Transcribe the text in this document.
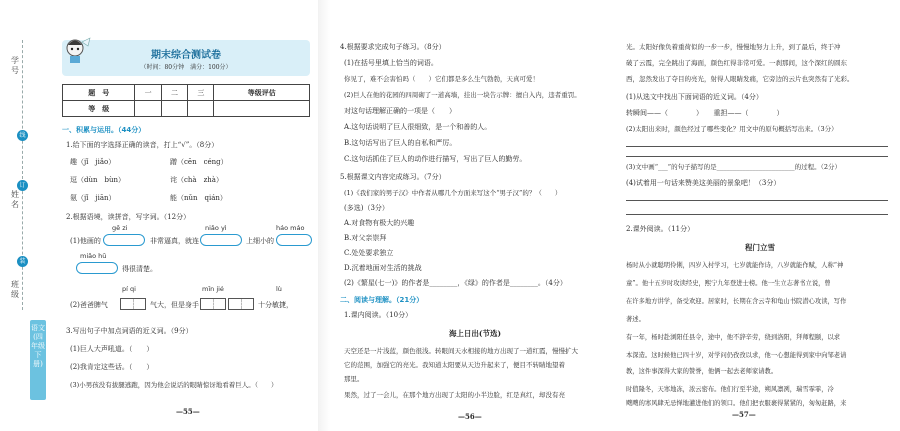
学号
姓名
班级
线
订
装
语文(四年级下册)
期末综合测试卷
（时间：80分钟　满分：100分）
题　号	一	二	三	等级评估
等　级				
一、积累与运用。（44分）
1.给下面的字选择正确的读音，打上“√”。（8分）
趣（jǐ　jiǎo）	蹭（cēn　céng）
逗（dùn　bùn）	诧（chà　zhà）
氨（jǐ　jiān）	能（nǔn　qián）
2.根据语境，读拼音，写字词。（12分）
gē zi	niǎo yì	háo máo
(1)他画的	非常逼真，就连	上细小的
miǎo hū
得很清楚。
pí qi	mīn jié	lù
(2)爸爸脾气	气大，但是身手	十分敏捷，
3.写出句子中加点词语的近义词。（9分）
(1)巨人大声吼道。（　　）
(2)我肯定这些话。（　　）
(3)小男孩没有拔腿逃跑，因为他会说话的眼睛惊讶地看着巨人。（　　）
—55—
4.根据要求完成句子练习。（8分）
(1)在括号里填上恰当的词语。
你见了，难不会害怕吗（　　）它们都是多么生气勃勃，天真可爱！
(2)巨人在他的花园的四周砌了一道高墙，挂出一块告示牌：擅自入内，违者重罚。
对这句话理解正确的一项是（　　）
A.这句话说明了巨人很细致，是一个和善的人。
B.这句话写出了巨人的自私和严厉。
C.这句话抓住了巨人的动作进行描写，写出了巨人的勤劳。
5.根据课文内容完成练习。（7分）
(1)《我们家的男子汉》中作者从哪几个方面来写这个“男子汉”的？（　　）
(多选)（3分）
A.对食物有极大的兴趣
B.对父亲崇拜
C.处处要求独立
D.沉着地面对生活的挑战
(2)《繁星(七一)》的作者是________，《绿》的作者是________。（4分）
二、阅读与理解。（21分）
1.课内阅读。（10分）
海上日出(节选)
天空还是一片浅蓝，颜色很浅。转眼间天水相接的地方出现了一道红霞，慢慢扩大
它的范围，加强它的亮光。我知道太阳要从天边升起来了，便目不转睛地望着
那里。
果然，过了一会儿，在那个地方出现了太阳的小半边脸，红是真红，却没有亮
—56—
光。太阳好像负着重荷似的一步一步，慢慢地努力上升，到了最后，终于冲
破了云霞，完全跳出了海面，颜色红得非常可爱。一刹那间，这个深红的圆东
西，忽然发出了夺目的亮光，射得人眼睛发痛，它旁边的云片也突然有了光彩。
(1)从选文中找出下面词语的近义词。（4分）
转瞬间——（　　　　）　　重担——（　　　　）
(2)太阳出来时，颜色经过了哪些变化？用文中的原句概括写出来。（3分）
(3)文中画“___”的句子描写的是________________________的过程。（2分）
(4)试着用一句话来赞美这美丽的景象吧！（3分）
2.课外阅读。（11分）
程门立雪
杨时从小就聪明伶俐，四岁入村学习，七岁就能作诗，八岁就能作赋，人称“神
童”。他十五岁时攻读经史，熙宁九年登进士榜。他一生立志著书立说，曾
在许多地方讲学，备受欢迎。居家时，长期在含云寺和龟山书院潜心攻读，写作
著述。
有一年，杨时赴浏阳任县令，途中，他不辞辛劳，绕到洛阳，拜师程颐，以求
本深造。这时候他已四十岁，对学问仍孜孜以求，他一心想能得到家中向邹老请
教，这件事深得大家的赞誉，他俩一起去老师家请教。
时值隆冬，天寒地冻，浓云密布。他们行至半途，朔风凛冽，瑞雪霏霏，冷
飕飕的寒风肆无忌惮地灌进他们的领口。他们把衣服裹得紧紧的，匆匆赶路，来
—57—
